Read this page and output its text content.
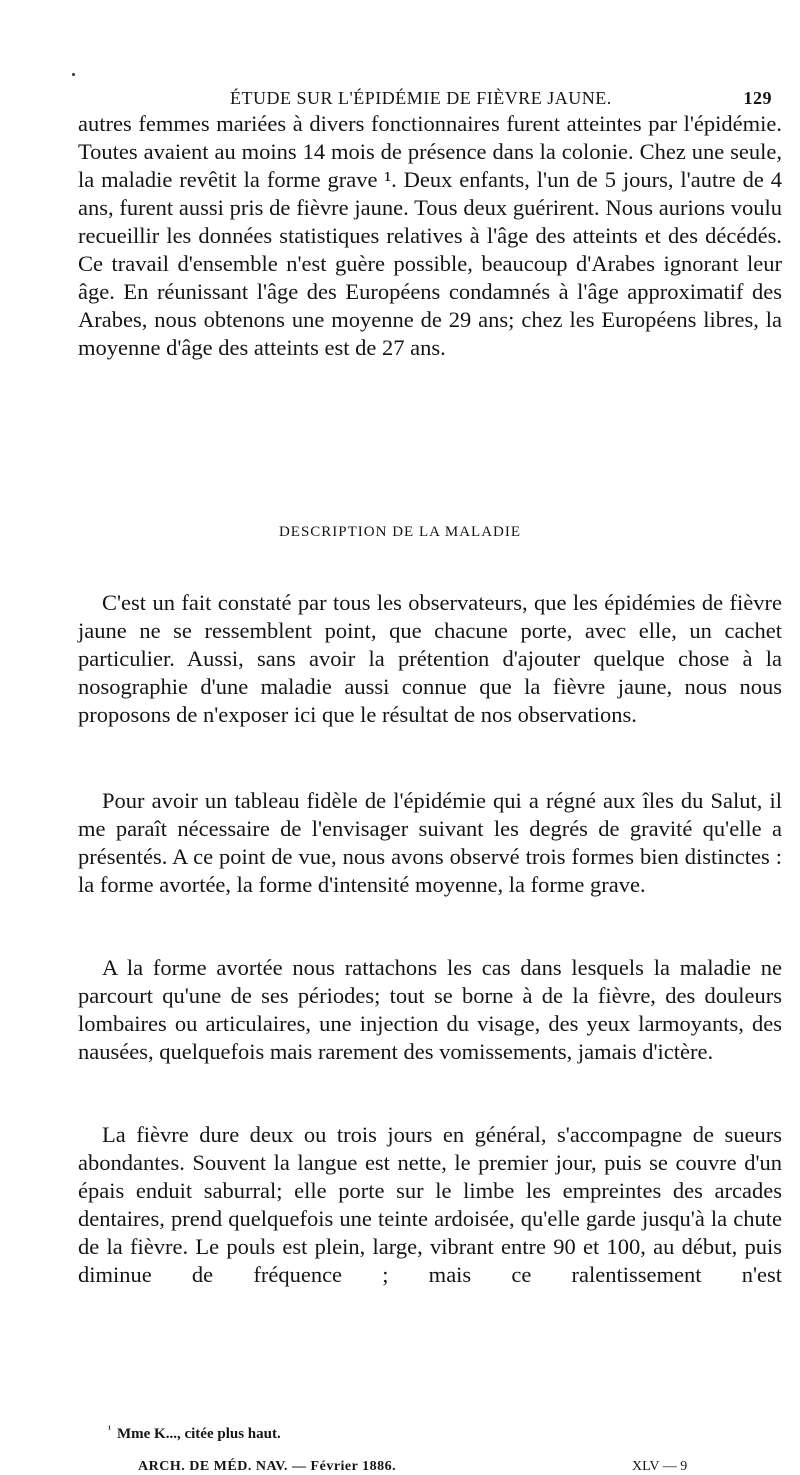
ÉTUDE SUR L'ÉPIDÉMIE DE FIÈVRE JAUNE.	129

autres femmes mariées à divers fonctionnaires furent atteintes par l'épidémie. Toutes avaient au moins 14 mois de présence dans la colonie. Chez une seule, la maladie revêtit la forme grave ¹. Deux enfants, l'un de 5 jours, l'autre de 4 ans, furent aussi pris de fièvre jaune. Tous deux guérirent. Nous aurions voulu recueillir les données statistiques relatives à l'âge des atteints et des décédés. Ce travail d'ensemble n'est guère possible, beaucoup d'Arabes ignorant leur âge. En réunissant l'âge des Européens condamnés à l'âge approximatif des Arabes, nous obtenons une moyenne de 29 ans; chez les Européens libres, la moyenne d'âge des atteints est de 27 ans.

DESCRIPTION DE LA MALADIE

C'est un fait constaté par tous les observateurs, que les épidémies de fièvre jaune ne se ressemblent point, que chacune porte, avec elle, un cachet particulier. Aussi, sans avoir la prétention d'ajouter quelque chose à la nosographie d'une maladie aussi connue que la fièvre jaune, nous nous proposons de n'exposer ici que le résultat de nos observations.

Pour avoir un tableau fidèle de l'épidémie qui a régné aux îles du Salut, il me paraît nécessaire de l'envisager suivant les degrés de gravité qu'elle a présentés. A ce point de vue, nous avons observé trois formes bien distinctes : la forme avortée, la forme d'intensité moyenne, la forme grave.

A la forme avortée nous rattachons les cas dans lesquels la maladie ne parcourt qu'une de ses périodes; tout se borne à de la fièvre, des douleurs lombaires ou articulaires, une injection du visage, des yeux larmoyants, des nausées, quelquefois mais rarement des vomissements, jamais d'ictère.

La fièvre dure deux ou trois jours en général, s'accompagne de sueurs abondantes. Souvent la langue est nette, le premier jour, puis se couvre d'un épais enduit saburral; elle porte sur le limbe les empreintes des arcades dentaires, prend quelquefois une teinte ardoisée, qu'elle garde jusqu'à la chute de la fièvre. Le pouls est plein, large, vibrant entre 90 et 100, au début, puis diminue de fréquence ; mais ce ralentissement n'est

$^{^1}$ Mme K..., citée plus haut.

ARCH. DE MÉD. NAV. — Février 1886.	XLV — 9
